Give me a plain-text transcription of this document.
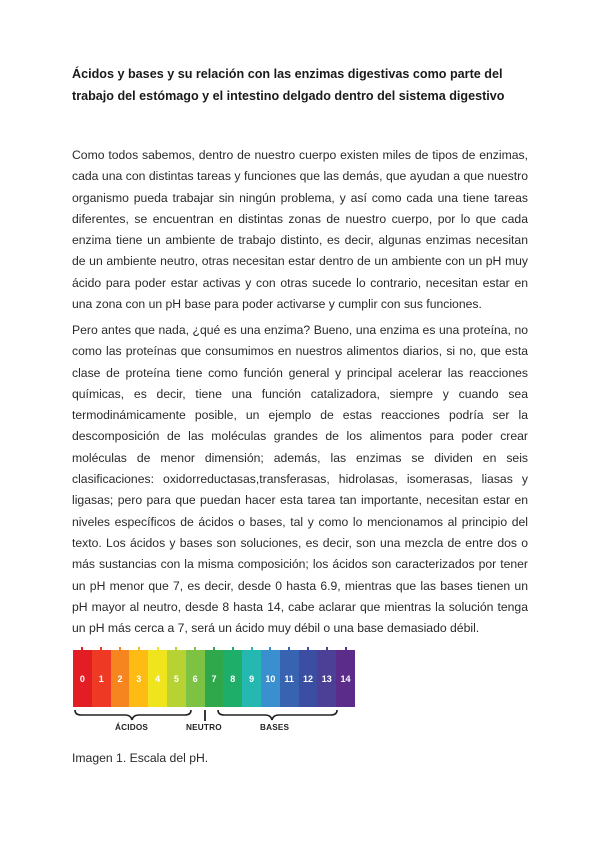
Ácidos y bases y su relación con las enzimas digestivas como parte del trabajo del estómago y el intestino delgado dentro del sistema digestivo

Como todos sabemos, dentro de nuestro cuerpo existen miles de tipos de enzimas, cada una con distintas tareas y funciones que las demás, que ayudan a que nuestro organismo pueda trabajar sin ningún problema, y así como cada una tiene tareas diferentes, se encuentran en distintas zonas de nuestro cuerpo, por lo que cada enzima tiene un ambiente de trabajo distinto, es decir, algunas enzimas necesitan de un ambiente neutro, otras necesitan estar dentro de un ambiente con un pH muy ácido para poder estar activas y con otras sucede lo contrario, necesitan estar en una zona con un pH base para poder activarse y cumplir con sus funciones.

Pero antes que nada, ¿qué es una enzima? Bueno, una enzima es una proteína, no como las proteínas que consumimos en nuestros alimentos diarios, si no, que esta clase de proteína tiene como función general y principal acelerar las reacciones químicas, es decir, tiene una función catalizadora, siempre y cuando sea termodinámicamente posible, un ejemplo de estas reacciones podría ser la descomposición de las moléculas grandes de los alimentos para poder crear moléculas de menor dimensión; además, las enzimas se dividen en seis clasificaciones: oxidorreductasas,transferasas, hidrolasas, isomerasas, liasas y ligasas; pero para que puedan hacer esta tarea tan importante, necesitan estar en niveles específicos de ácidos o bases, tal y como lo mencionamos al principio del texto. Los ácidos y bases son soluciones, es decir, son una mezcla de entre dos o más sustancias con la misma composición; los ácidos son caracterizados por tener un pH menor que 7, es decir, desde 0 hasta 6.9, mientras que las bases tienen un pH mayor al neutro, desde 8 hasta 14, cabe aclarar que mientras la solución tenga un pH más cerca a 7, será un ácido muy débil o una base demasiado débil.

0	1	2	3	4	5	6	7	8	9	10	11	12 13 14
ÁCIDOS	NEUTRO	BASES
Imagen 1. Escala del pH.
